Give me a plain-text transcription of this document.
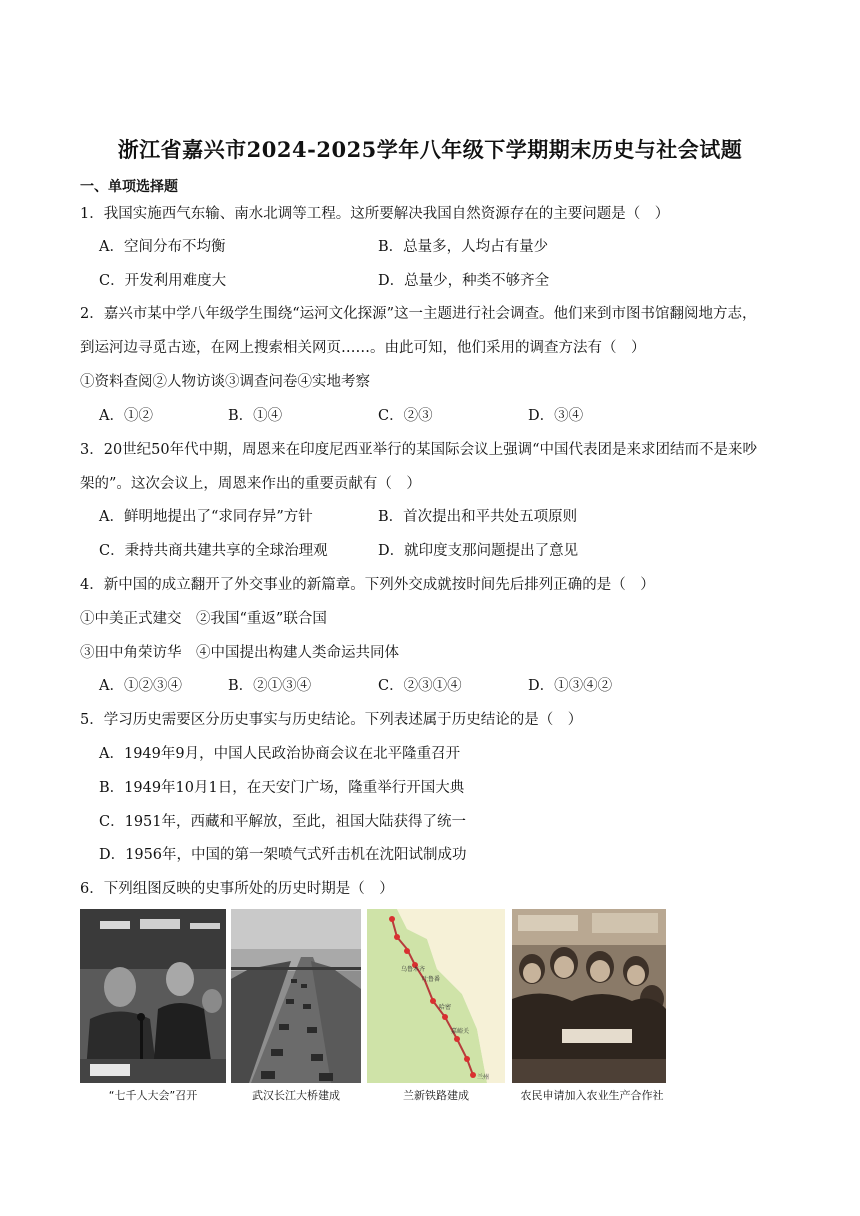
浙江省嘉兴市2024-2025学年八年级下学期期末历史与社会试题
一、单项选择题
1．我国实施西气东输、南水北调等工程。这所要解决我国自然资源存在的主要问题是（　）
A．空间分布不均衡	B．总量多，人均占有量少
C．开发利用难度大	D．总量少，种类不够齐全
2．嘉兴市某中学八年级学生围绕“运河文化探源”这一主题进行社会调查。他们来到市图书馆翻阅地方志，
到运河边寻觅古迹，在网上搜索相关网页……。由此可知，他们采用的调查方法有（　）
①资料查阅②人物访谈③调查问卷④实地考察
A．①②	B．①④	C．②③	D．③④
3．20世纪50年代中期，周恩来在印度尼西亚举行的某国际会议上强调“中国代表团是来求团结而不是来吵
架的”。这次会议上，周恩来作出的重要贡献有（　）
A．鲜明地提出了“求同存异”方针	B．首次提出和平共处五项原则
C．秉持共商共建共享的全球治理观	D．就印度支那问题提出了意见
4．新中国的成立翻开了外交事业的新篇章。下列外交成就按时间先后排列正确的是（　）
①中美正式建交　②我国“重返”联合国
③田中角荣访华　④中国提出构建人类命运共同体
A．①②③④	B．②①③④	C．②③①④	D．①③④②
5．学习历史需要区分历史事实与历史结论。下列表述属于历史结论的是（　）
A．1949年9月，中国人民政治协商会议在北平隆重召开
B．1949年10月1日，在天安门广场，隆重举行开国大典
C．1951年，西藏和平解放，至此，祖国大陆获得了统一
D．1956年，中国的第一架喷气式歼击机在沈阳试制成功
6．下列组图反映的史事所处的历史时期是（　）
乌鲁木齐
吐鲁番
哈密
嘉峪关
兰州
“七千人大会”召开	武汉长江大桥建成	兰新铁路建成	农民申请加入农业生产合作社
